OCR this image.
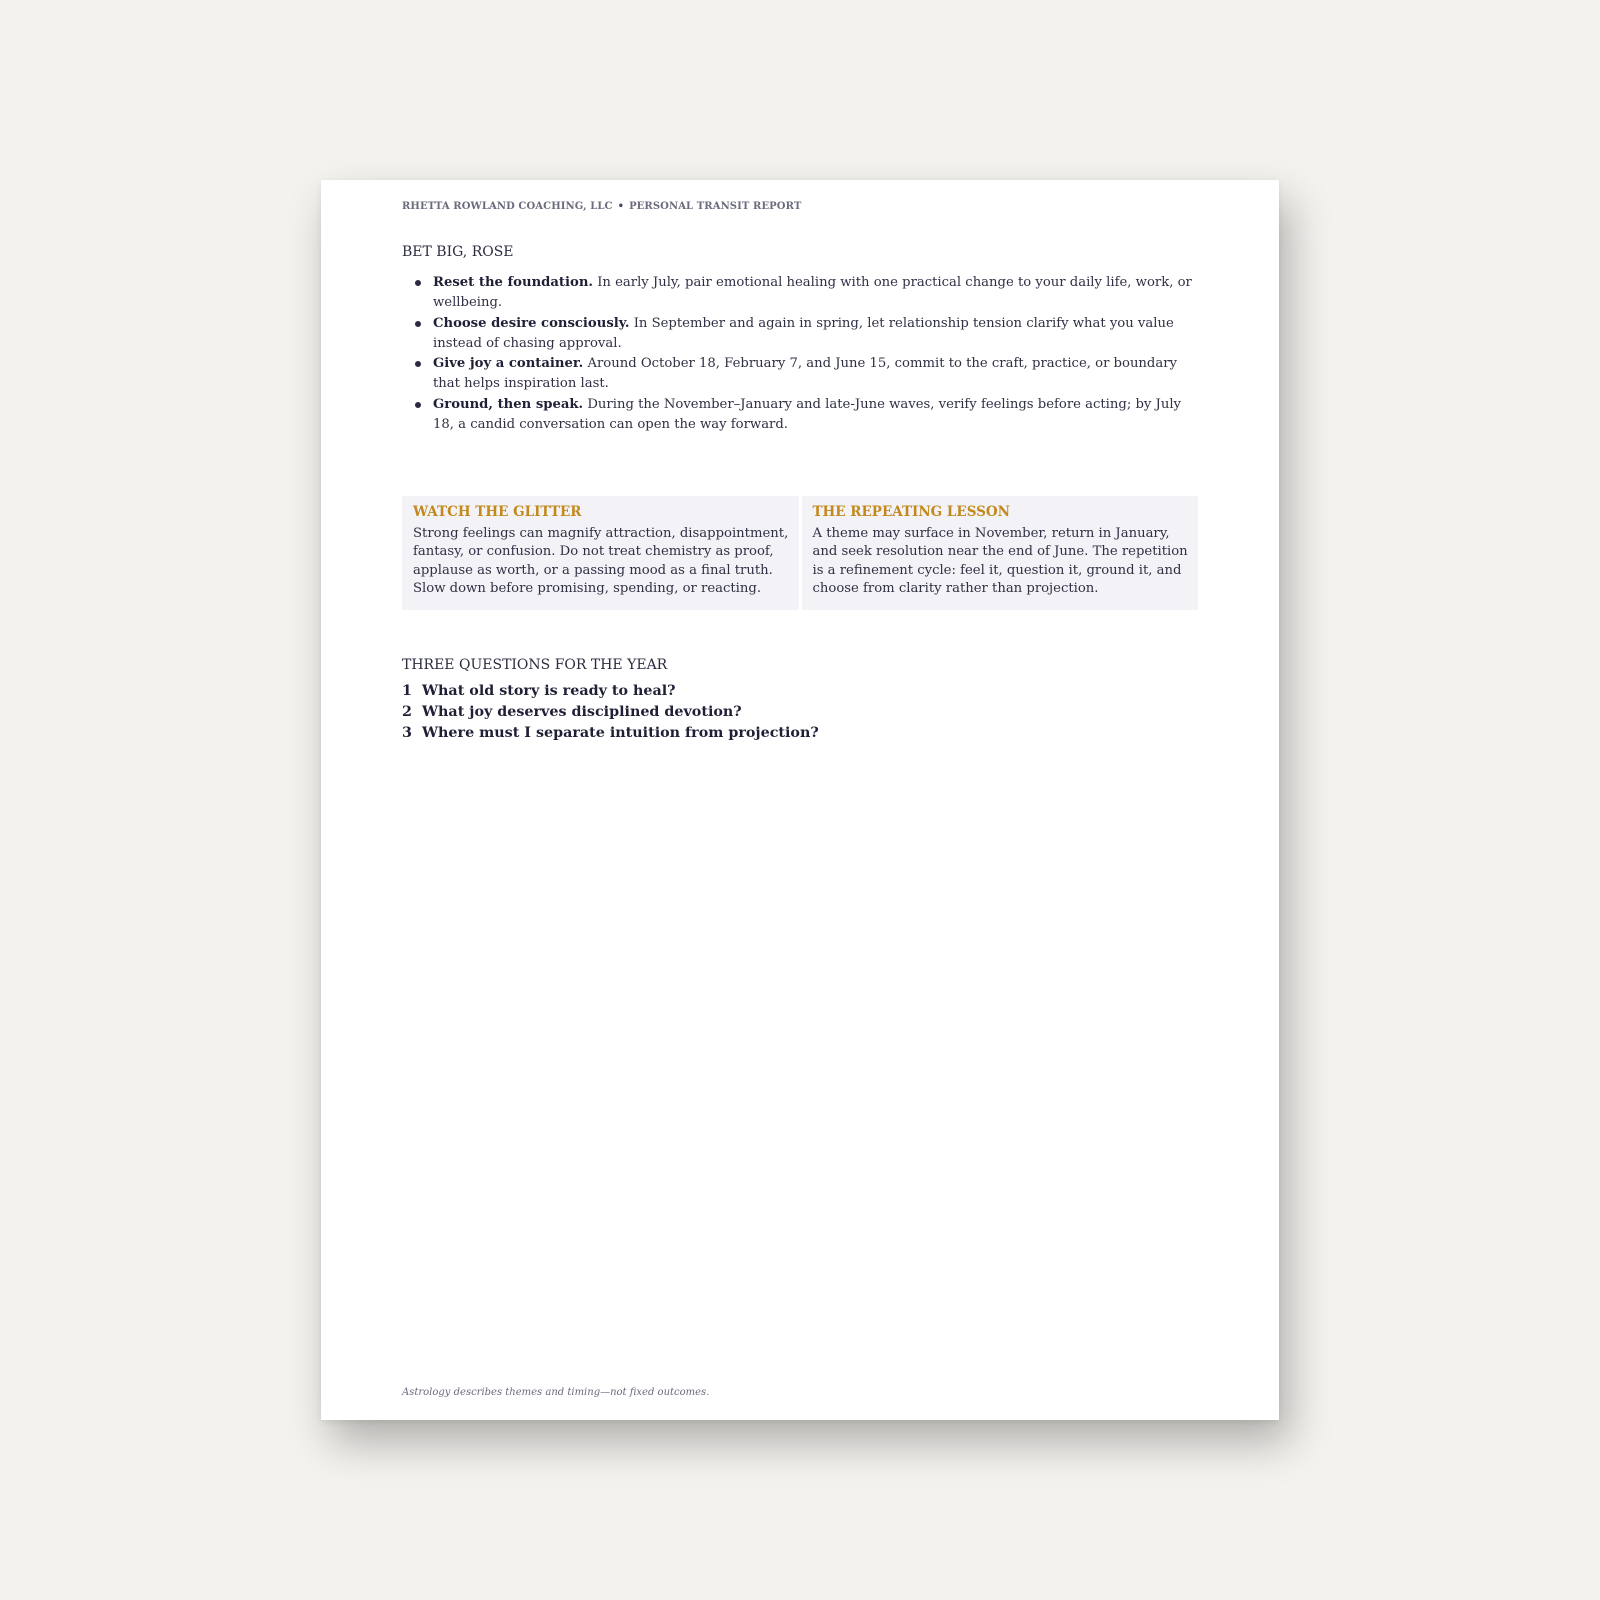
RHETTA ROWLAND COACHING, LLC • PERSONAL TRANSIT REPORT
BET BIG, ROSE
Reset the foundation. In early July, pair emotional healing with one practical change to your daily life, work, or wellbeing.
Choose desire consciously. In September and again in spring, let relationship tension clarify what you value instead of chasing approval.
Give joy a container. Around October 18, February 7, and June 15, commit to the craft, practice, or boundary that helps inspiration last.
Ground, then speak. During the November–January and late-June waves, verify feelings before acting; by July 18, a candid conversation can open the way forward.
WATCH THE GLITTER
Strong feelings can magnify attraction, disappointment, fantasy, or confusion. Do not treat chemistry as proof, applause as worth, or a passing mood as a final truth. Slow down before promising, spending, or reacting.
THE REPEATING LESSON
A theme may surface in November, return in January, and seek resolution near the end of June. The repetition is a refinement cycle: feel it, question it, ground it, and choose from clarity rather than projection.
THREE QUESTIONS FOR THE YEAR
1 What old story is ready to heal?
2 What joy deserves disciplined devotion?
3 Where must I separate intuition from projection?
Astrology describes themes and timing—not fixed outcomes.
